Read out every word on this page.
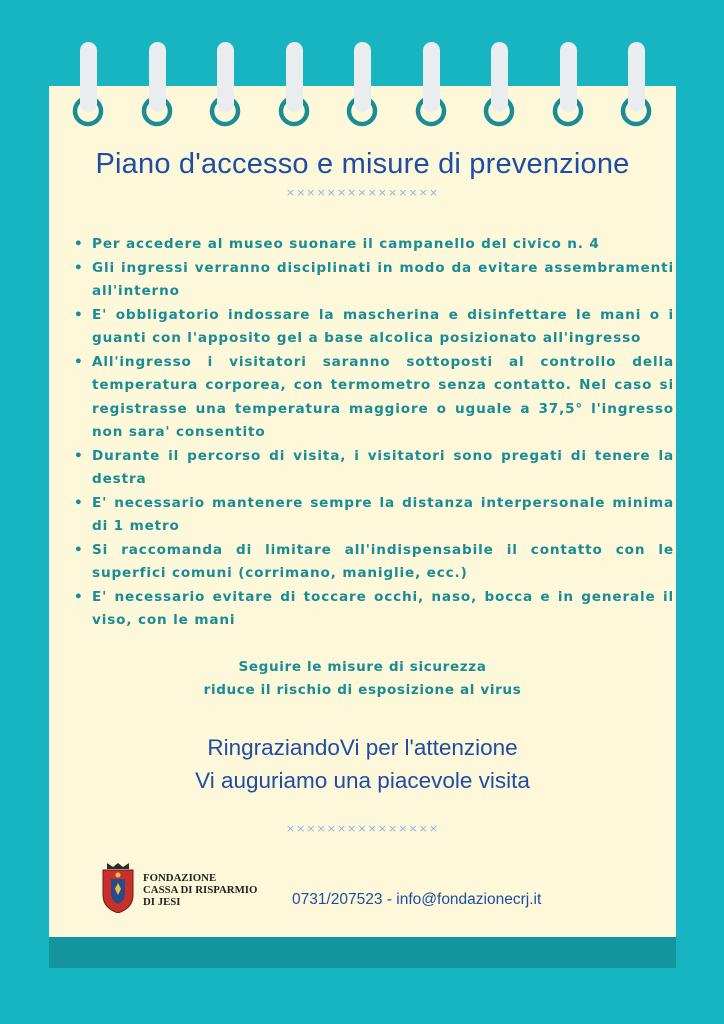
Piano d'accesso e misure di prevenzione
×××××××××××××××
• Per accedere al museo suonare il campanello del civico n. 4
• Gli ingressi verranno disciplinati in modo da evitare assembramenti all'interno
• E' obbligatorio indossare la mascherina e disinfettare le mani o i guanti con l'apposito gel a base alcolica posizionato all'ingresso
• All'ingresso i visitatori saranno sottoposti al controllo della temperatura corporea, con termometro senza contatto. Nel caso si registrasse una temperatura maggiore o uguale a 37,5° l'ingresso non sara' consentito
• Durante il percorso di visita, i visitatori sono pregati di tenere la destra
• E' necessario mantenere sempre la distanza interpersonale minima di 1 metro
• Si raccomanda di limitare all'indispensabile il contatto con le superfici comuni (corrimano, maniglie, ecc.)
• E' necessario evitare di toccare occhi, naso, bocca e in generale il viso, con le mani
Seguire le misure di sicurezza
riduce il rischio di esposizione al virus
RingraziandoVi per l'attenzione
Vi auguriamo una piacevole visita
×××××××××××××××
FONDAZIONE
CASSA DI RISPARMIO
DI JESI	0731/207523 - info@fondazionecrj.it
